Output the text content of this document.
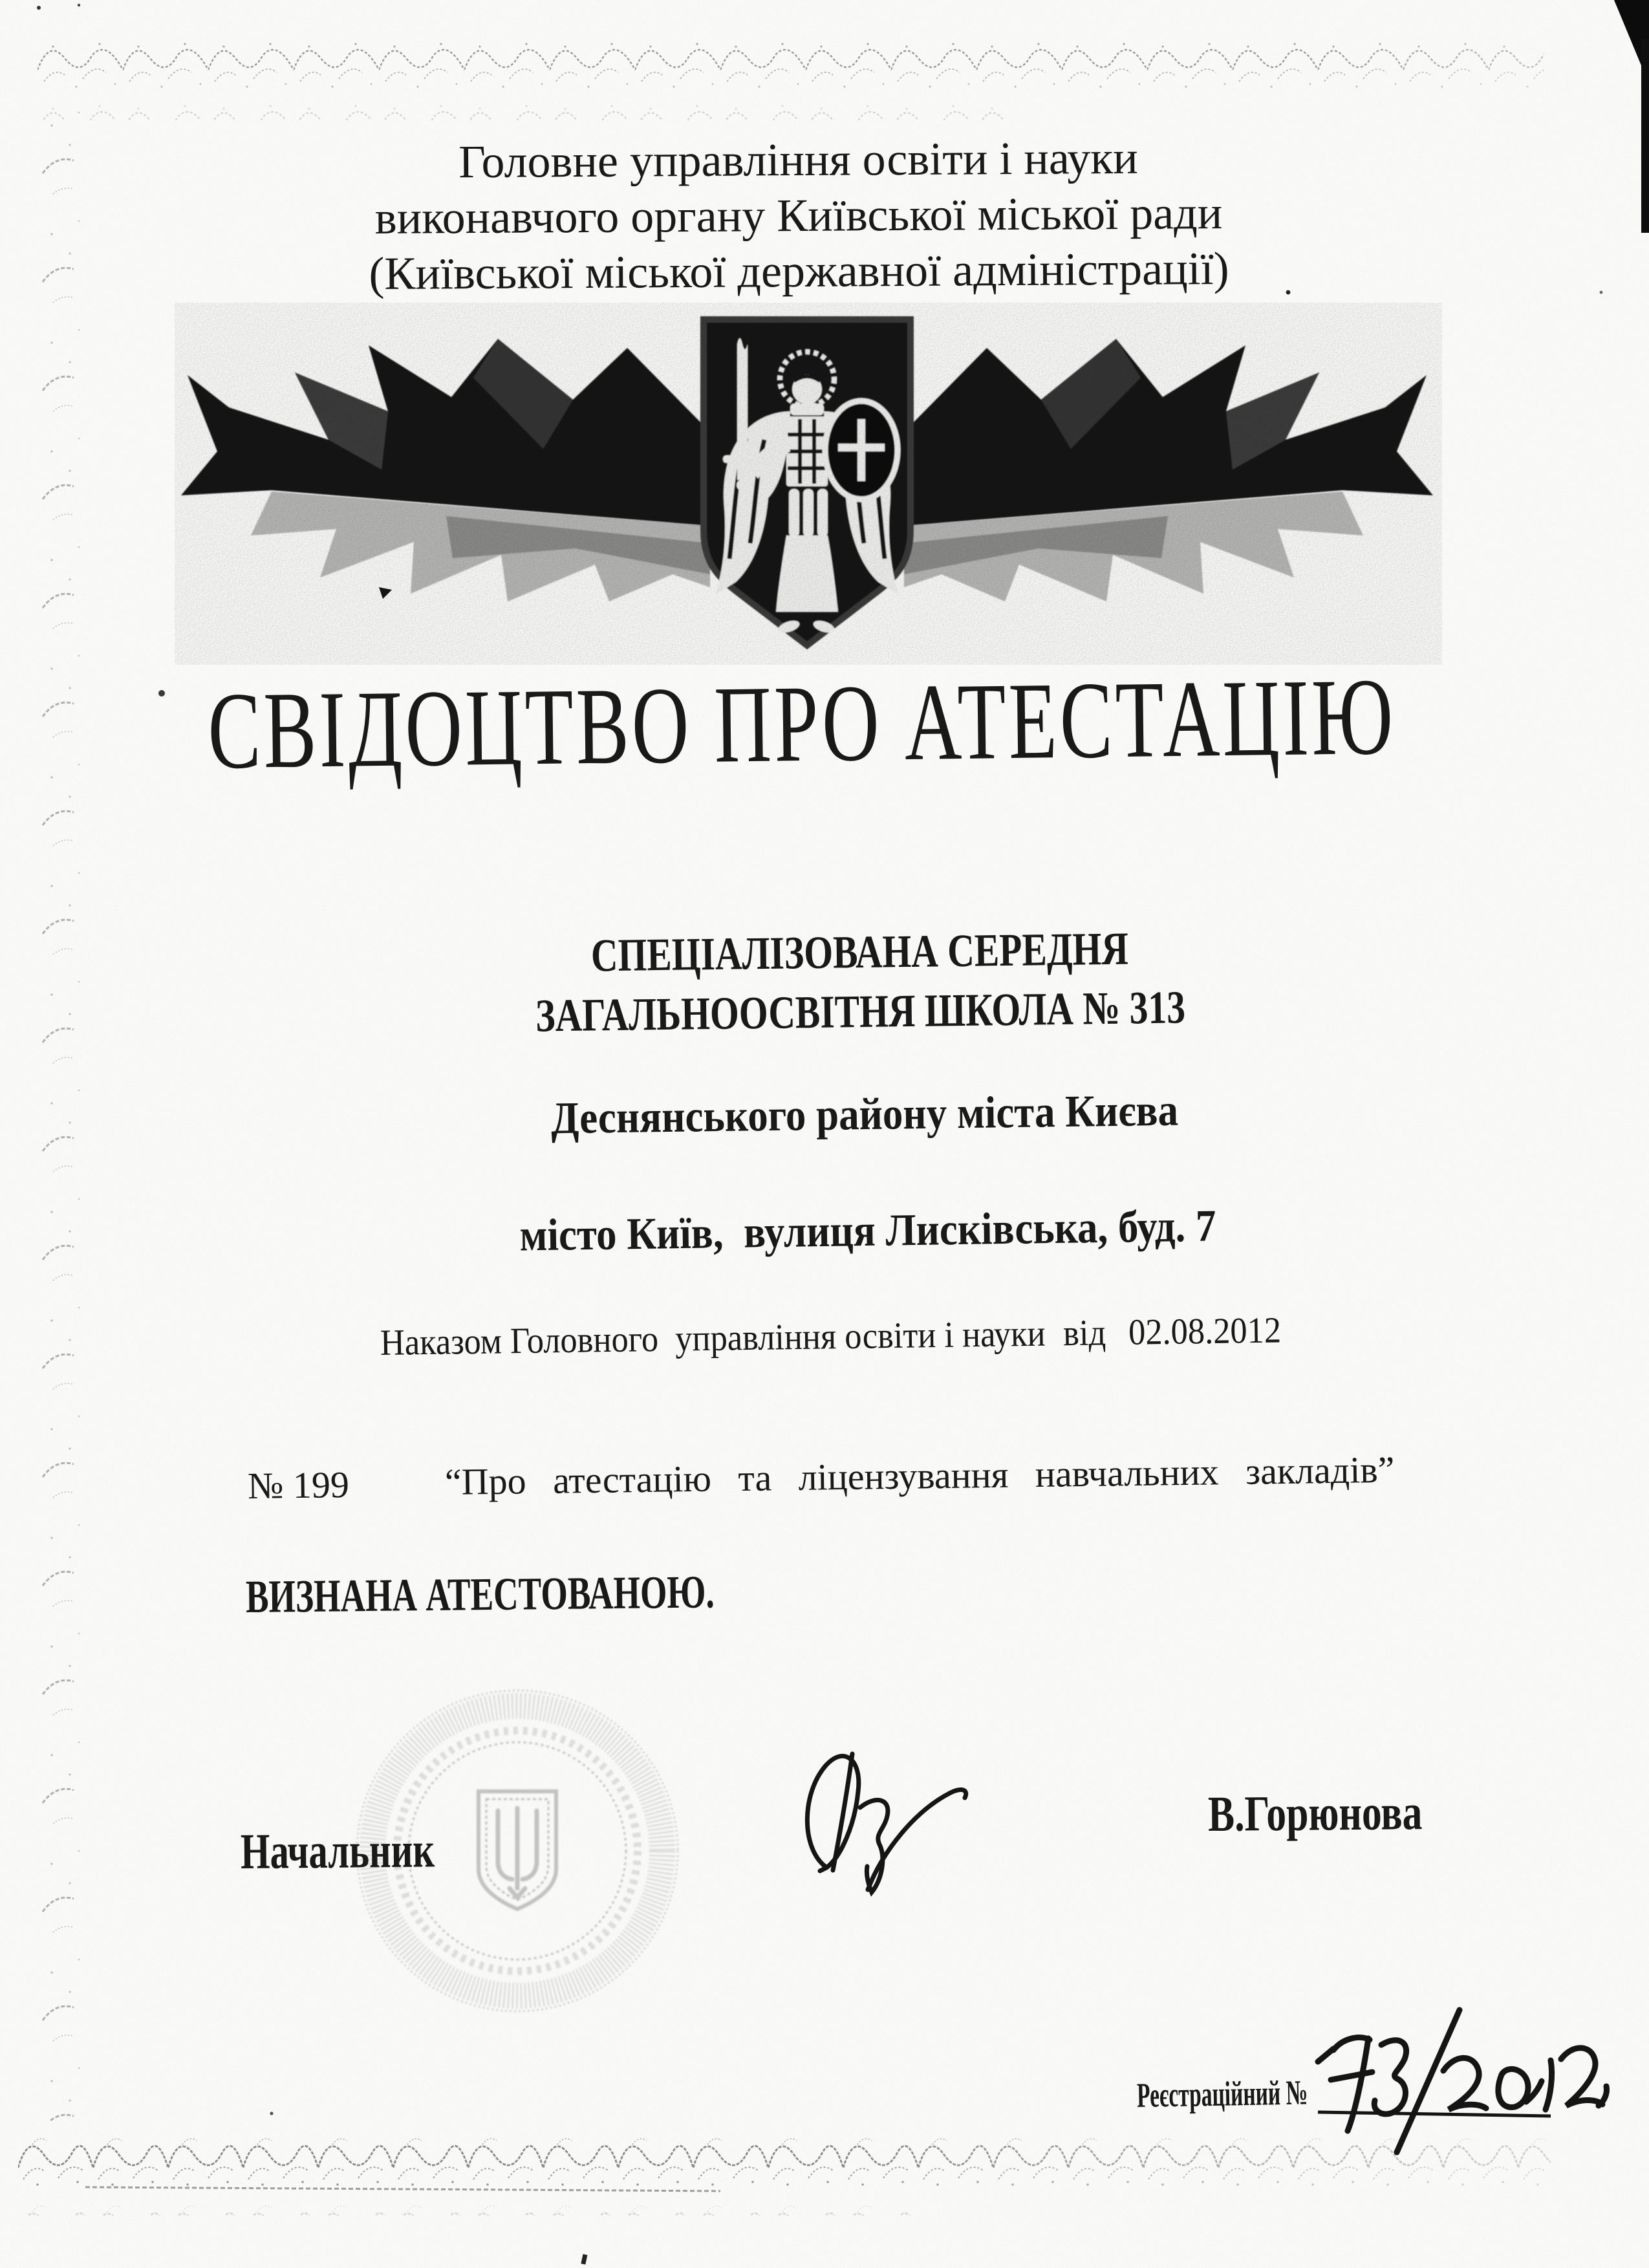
Головне управління освіти і науки
виконавчого органу Київської міської ради
(Київської міської державної адміністрації)
СВІДОЦТВО ПРО АТЕСТАЦІЮ
СПЕЦІАЛІЗОВАНА СЕРЕДНЯ
ЗАГАЛЬНООСВІТНЯ ШКОЛА № 313
Деснянського району міста Києва
місто Київ,  вулиця Лисківська, буд. 7
Наказом Головного  управління освіти і науки від 02.08.2012
№ 199	“Про атестацію та ліцензування навчальних закладів”
ВИЗНАНА АТЕСТОВАНОЮ.
Начальник
В.Горюнова
Реєстраційний №
